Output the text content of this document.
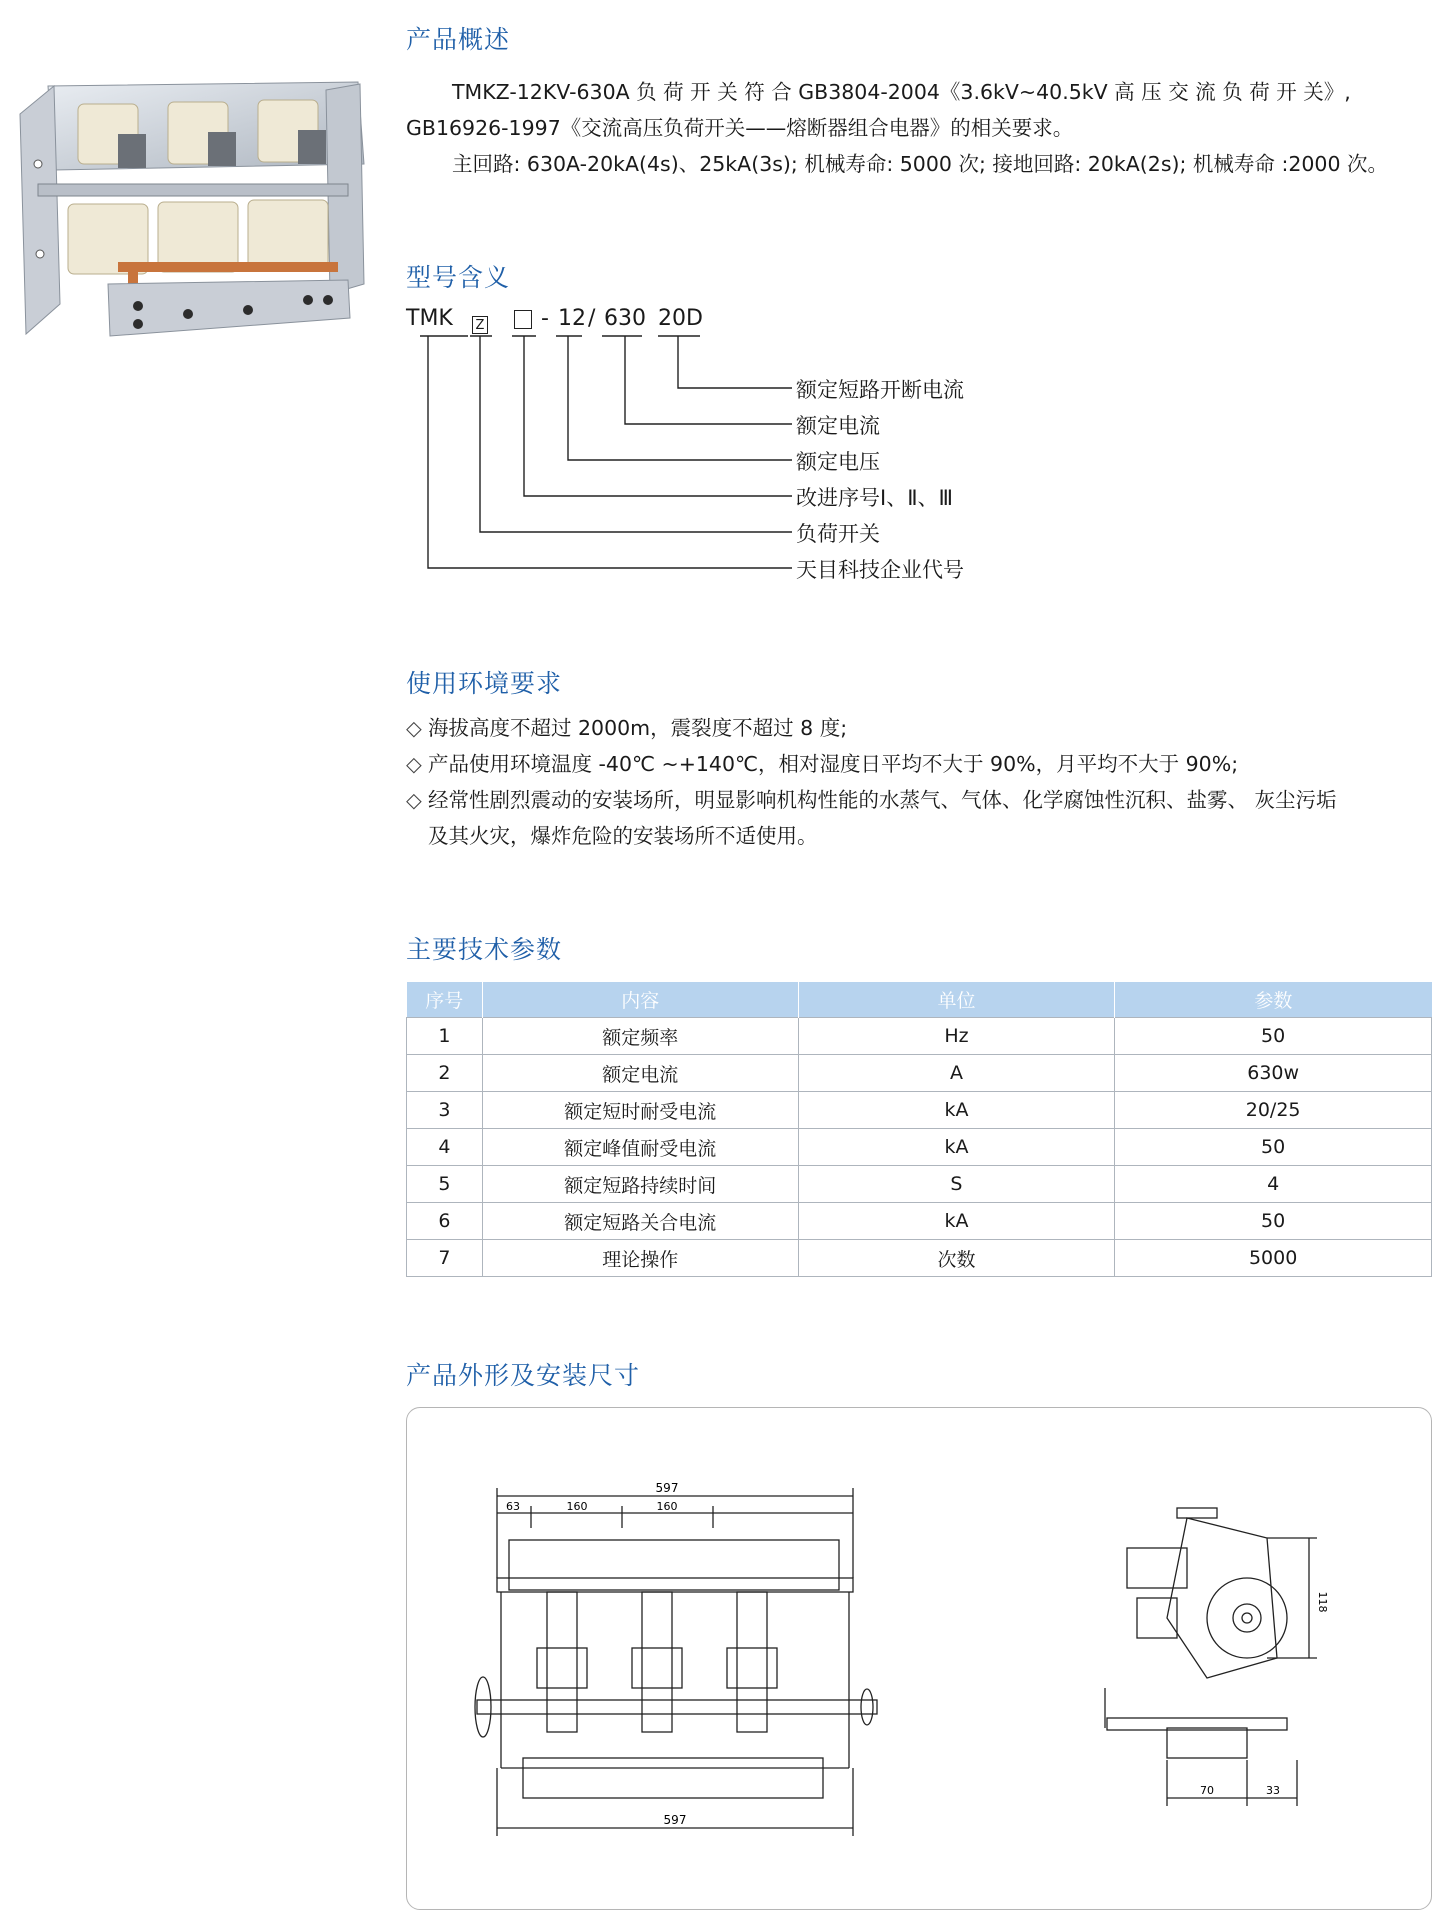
产品概述

TMKZ-12KV-630A 负 荷 开 关 符 合 GB3804-2004《3.6kV~40.5kV 高 压 交 流 负 荷 开 关》,

GB16926-1997《交流高压负荷开关——熔断器组合电器》的相关要求。

主回路: 630A-20kA(4s)、25kA(3s); 机械寿命: 5000 次; 接地回路: 20kA(2s); 机械寿命 :2000 次。

型号含义
TMK Z	- 12 / 630 20D
额定短路开断电流
额定电流
额定电压
改进序号Ⅰ、Ⅱ、Ⅲ
负荷开关
天目科技企业代号
使用环境要求
◇ 海拔高度不超过 2000m，震裂度不超过 8 度;
◇ 产品使用环境温度 -40℃ ~+140℃，相对湿度日平均不大于 90%，月平均不大于 90%;
◇ 经常性剧烈震动的安装场所，明显影响机构性能的水蒸气、气体、化学腐蚀性沉积、盐雾、 灰尘污垢
及其火灾，爆炸危险的安装场所不适使用。
主要技术参数
序号	内容	单位	参数
1	额定频率	Hz	50
2	额定电流	A	630w
3	额定短时耐受电流	kA	20/25
4	额定峰值耐受电流	kA	50
5	额定短路持续时间	S	4
6	额定短路关合电流	kA	50
7	理论操作	次数	5000
产品外形及安装尺寸
597
63	160	160
597
118
70	33
